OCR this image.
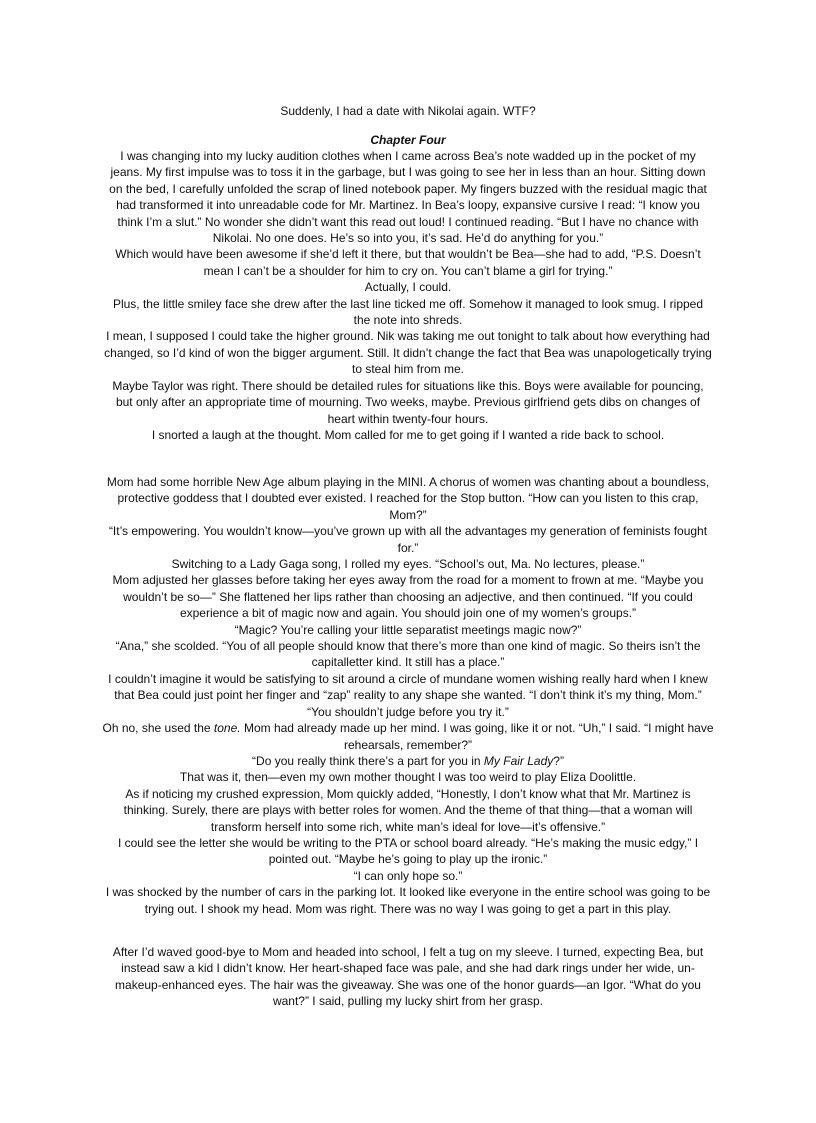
Suddenly, I had a date with Nikolai again. WTF?

Chapter Four

I was changing into my lucky audition clothes when I came across Bea’s note wadded up in the pocket of my
jeans. My first impulse was to toss it in the garbage, but I was going to see her in less than an hour. Sitting down
on the bed, I carefully unfolded the scrap of lined notebook paper. My fingers buzzed with the residual magic that
had transformed it into unreadable code for Mr. Martinez. In Bea’s loopy, expansive cursive I read: “I know you
think I’m a slut.” No wonder she didn’t want this read out loud! I continued reading. “But I have no chance with
Nikolai. No one does. He’s so into you, it’s sad. He’d do anything for you.”

Which would have been awesome if she’d left it there, but that wouldn’t be Bea—she had to add, “P.S. Doesn’t
mean I can’t be a shoulder for him to cry on. You can’t blame a girl for trying.”

Actually, I could.

Plus, the little smiley face she drew after the last line ticked me off. Somehow it managed to look smug. I ripped
the note into shreds.

I mean, I supposed I could take the higher ground. Nik was taking me out tonight to talk about how everything had
changed, so I’d kind of won the bigger argument. Still. It didn’t change the fact that Bea was unapologetically trying
to steal him from me.

Maybe Taylor was right. There should be detailed rules for situations like this. Boys were available for pouncing,
but only after an appropriate time of mourning. Two weeks, maybe. Previous girlfriend gets dibs on changes of
heart within twenty-four hours.

I snorted a laugh at the thought. Mom called for me to get going if I wanted a ride back to school.

Mom had some horrible New Age album playing in the MINI. A chorus of women was chanting about a boundless,
protective goddess that I doubted ever existed. I reached for the Stop button. “How can you listen to this crap,
Mom?”

“It’s empowering. You wouldn’t know—you’ve grown up with all the advantages my generation of feminists fought
for.”

Switching to a Lady Gaga song, I rolled my eyes. “School’s out, Ma. No lectures, please.”

Mom adjusted her glasses before taking her eyes away from the road for a moment to frown at me. “Maybe you
wouldn’t be so—” She flattened her lips rather than choosing an adjective, and then continued. “If you could
experience a bit of magic now and again. You should join one of my women’s groups.”

“Magic? You’re calling your little separatist meetings magic now?”

“Ana,” she scolded. “You of all people should know that there’s more than one kind of magic. So theirs isn’t the
capitalletter kind. It still has a place.”

I couldn’t imagine it would be satisfying to sit around a circle of mundane women wishing really hard when I knew
that Bea could just point her finger and “zap” reality to any shape she wanted. “I don’t think it’s my thing, Mom.”

“You shouldn’t judge before you try it.”

Oh no, she used the tone. Mom had already made up her mind. I was going, like it or not. “Uh,” I said. “I might have
rehearsals, remember?”

“Do you really think there’s a part for you in My Fair Lady?”

That was it, then—even my own mother thought I was too weird to play Eliza Doolittle.

As if noticing my crushed expression, Mom quickly added, “Honestly, I don’t know what that Mr. Martinez is
thinking. Surely, there are plays with better roles for women. And the theme of that thing—that a woman will
transform herself into some rich, white man’s ideal for love—it’s offensive.”

I could see the letter she would be writing to the PTA or school board already. “He’s making the music edgy,” I
pointed out. “Maybe he’s going to play up the ironic.”

“I can only hope so.”

I was shocked by the number of cars in the parking lot. It looked like everyone in the entire school was going to be
trying out. I shook my head. Mom was right. There was no way I was going to get a part in this play.

After I’d waved good-bye to Mom and headed into school, I felt a tug on my sleeve. I turned, expecting Bea, but
instead saw a kid I didn’t know. Her heart-shaped face was pale, and she had dark rings under her wide, un-
makeup-enhanced eyes. The hair was the giveaway. She was one of the honor guards—an Igor. “What do you
want?” I said, pulling my lucky shirt from her grasp.
